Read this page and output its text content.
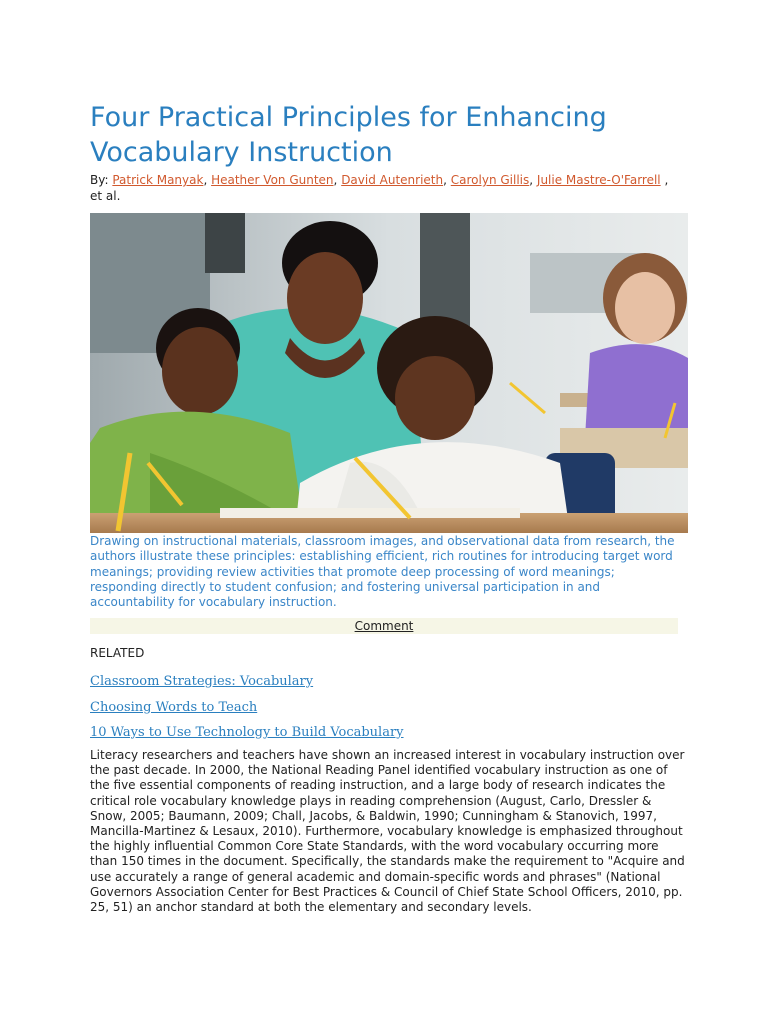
Four Practical Principles for Enhancing Vocabulary Instruction
By: Patrick Manyak, Heather Von Gunten, David Autenrieth, Carolyn Gillis, Julie Mastre-O'Farrell ,
et al.
Drawing on instructional materials, classroom images, and observational data from research, the authors illustrate these principles: establishing efficient, rich routines for introducing target word meanings; providing review activities that promote deep processing of word meanings; responding directly to student confusion; and fostering universal participation in and accountability for vocabulary instruction.
Comment
RELATED
Classroom Strategies: Vocabulary
Choosing Words to Teach
10 Ways to Use Technology to Build Vocabulary
Literacy researchers and teachers have shown an increased interest in vocabulary instruction over the past decade. In 2000, the National Reading Panel identified vocabulary instruction as one of the five essential components of reading instruction, and a large body of research indicates the critical role vocabulary knowledge plays in reading comprehension (August, Carlo, Dressler & Snow, 2005; Baumann, 2009; Chall, Jacobs, & Baldwin, 1990; Cunningham & Stanovich, 1997, Mancilla-Martinez & Lesaux, 2010). Furthermore, vocabulary knowledge is emphasized throughout the highly influential Common Core State Standards, with the word vocabulary occurring more than 150 times in the document. Specifically, the standards make the requirement to "Acquire and use accurately a range of general academic and domain-specific words and phrases" (National Governors Association Center for Best Practices & Council of Chief State School Officers, 2010, pp. 25, 51) an anchor standard at both the elementary and secondary levels.
